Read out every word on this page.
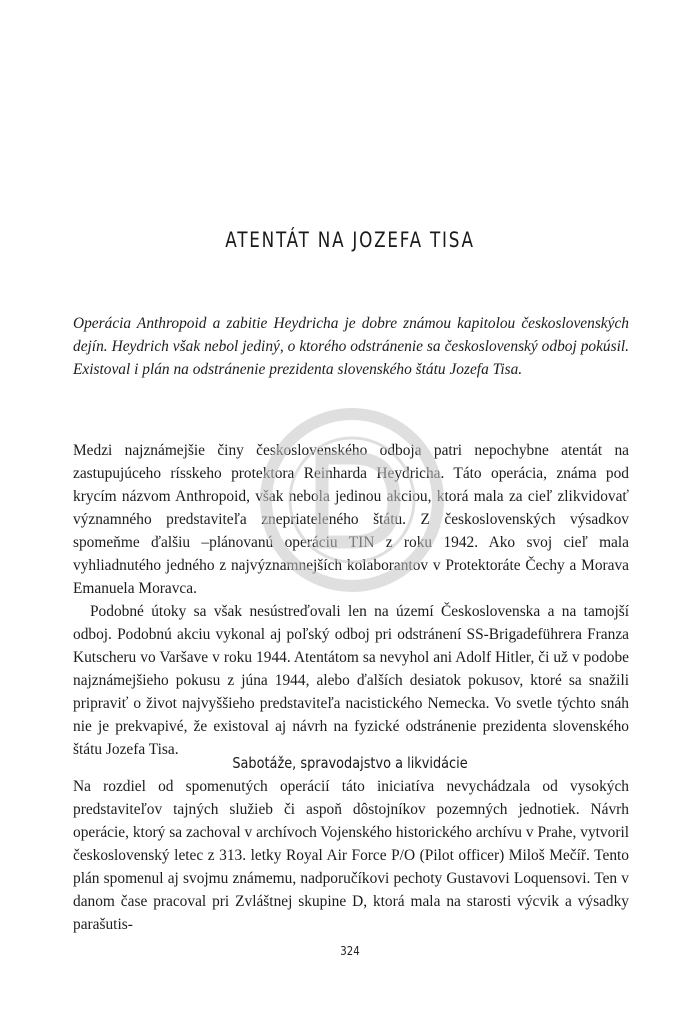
ATENTÁT NA JOZEFA TISA
Operácia Anthropoid a zabitie Heydricha je dobre známou kapitolou československých dejín. Heydrich však nebol jediný, o ktorého odstránenie sa československý odboj pokúsil. Existoval i plán na odstránenie prezidenta slovenského štátu Jozefa Tisa.

Medzi najznámejšie činy československého odboja patri nepochybne atentát na zastupujúceho rísskeho protektora Reinharda Heydricha. Táto operácia, známa pod krycím názvom Anthropoid, však nebola jedinou akciou, ktorá mala za cieľ zlikvidovať významného predstaviteľa znepriateleného štátu. Z československých výsadkov spomeňme ďalšiu –plánovanú operáciu TIN z roku 1942. Ako svoj cieľ mala vyhliadnutého jedného z najvýznamnejších kolaborantov v Protektoráte Čechy a Morava Emanuela Moravca.

Podobné útoky sa však nesústreďovali len na území Československa a na tamojší odboj. Podobnú akciu vykonal aj poľský odboj pri odstránení SS-Brigadeführera Franza Kutscheru vo Varšave v roku 1944. Atentátom sa nevyhol ani Adolf Hitler, či už v podobe najznámejšieho pokusu z júna 1944, alebo ďalších desiatok pokusov, ktoré sa snažili pripraviť o život najvyššieho predstaviteľa nacistického Nemecka. Vo svetle týchto snáh nie je prekvapivé, že existoval aj návrh na fyzické odstránenie prezidenta slovenského štátu Jozefa Tisa.

Sabotáže, spravodajstvo a likvidácie

Na rozdiel od spomenutých operácií táto iniciatíva nevychádzala od vysokých predstaviteľov tajných služieb či aspoň dôstojníkov pozemných jednotiek. Návrh operácie, ktorý sa zachoval v archívoch Vojenského historického archívu v Prahe, vytvoril československý letec z 313. letky Royal Air Force P/O (Pilot officer) Miloš Mečíř. Tento plán spomenul aj svojmu známemu, nadporučíkovi pechoty Gustavovi Loquensovi. Ten v danom čase pracoval pri Zvláštnej skupine D, ktorá mala na starosti výcvik a výsadky parašutis-

324
